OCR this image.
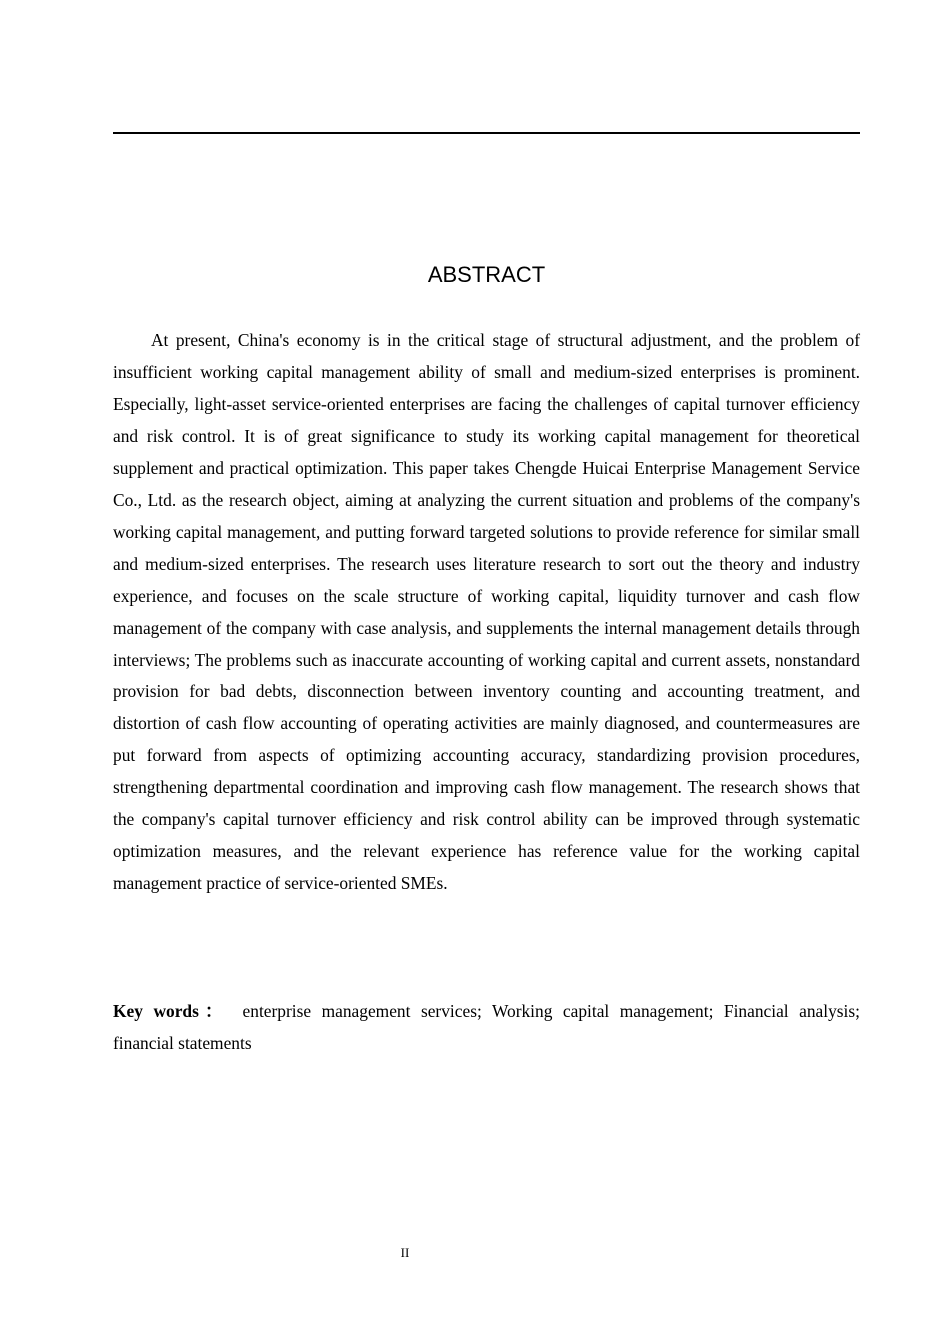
ABSTRACT

At present, China's economy is in the critical stage of structural adjustment, and the problem of insufficient working capital management ability of small and medium-sized enterprises is prominent. Especially, light-asset service-oriented enterprises are facing the challenges of capital turnover efficiency and risk control. It is of great significance to study its working capital management for theoretical supplement and practical optimization. This paper takes Chengde Huicai Enterprise Management Service Co., Ltd. as the research object, aiming at analyzing the current situation and problems of the company's working capital management, and putting forward targeted solutions to provide reference for similar small and medium-sized enterprises. The research uses literature research to sort out the theory and industry experience, and focuses on the scale structure of working capital, liquidity turnover and cash flow management of the company with case analysis, and supplements the internal management details through interviews; The problems such as inaccurate accounting of working capital and current assets, nonstandard provision for bad debts, disconnection between inventory counting and accounting treatment, and distortion of cash flow accounting of operating activities are mainly diagnosed, and countermeasures are put forward from aspects of optimizing accounting accuracy, standardizing provision procedures, strengthening departmental coordination and improving cash flow management. The research shows that the company's capital turnover efficiency and risk control ability can be improved through systematic optimization measures, and the relevant experience has reference value for the working capital management practice of service-oriented SMEs.

Key words： enterprise management services; Working capital management; Financial analysis; financial statements

II
